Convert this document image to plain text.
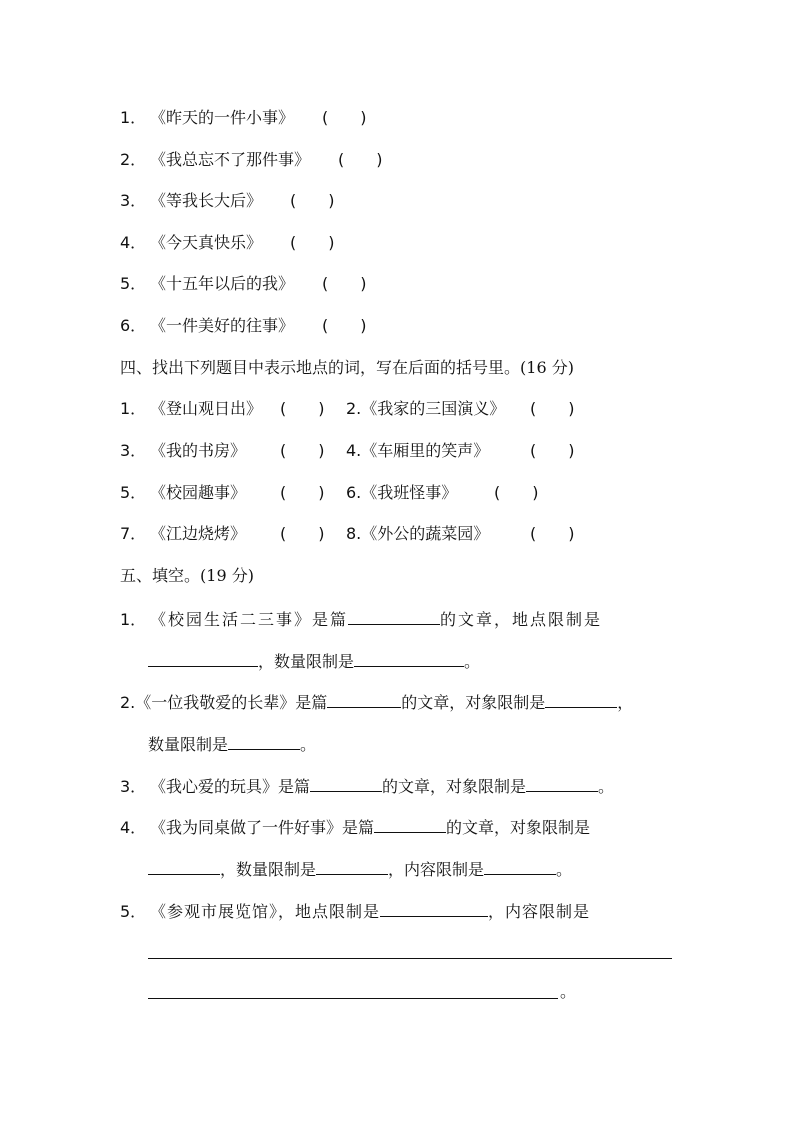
1． 《昨天的一件小事》 (　　)
2． 《我总忘不了那件事》 (　　)
3． 《等我长大后》 (　　)
4． 《今天真快乐》 (　　)
5． 《十五年以后的我》 (　　)
6． 《一件美好的往事》 (　　)
四、找出下列题目中表示地点的词，写在后面的括号里。(16 分)
1． 《登山观日出》 (　　) 2.《我家的三国演义》 (　　)
3． 《我的书房》 (　　) 4.《车厢里的笑声》	(　　)
5． 《校园趣事》 (　　) 6.《我班怪事》 (　　)
7． 《江边烧烤》 (　　) 8.《外公的蔬菜园》	(　　)
五、填空。(19 分)
1． 《校园生活二三事》是篇	的文章，地点限制是
，数量限制是	。
2.《一位我敬爱的长辈》是篇	的文章，对象限制是	，
数量限制是	。
3． 《我心爱的玩具》是篇	的文章，对象限制是	。
4． 《我为同桌做了一件好事》是篇	的文章，对象限制是
，数量限制是	，内容限制是	。
5． 《参观市展览馆》，地点限制是	，内容限制是
。
